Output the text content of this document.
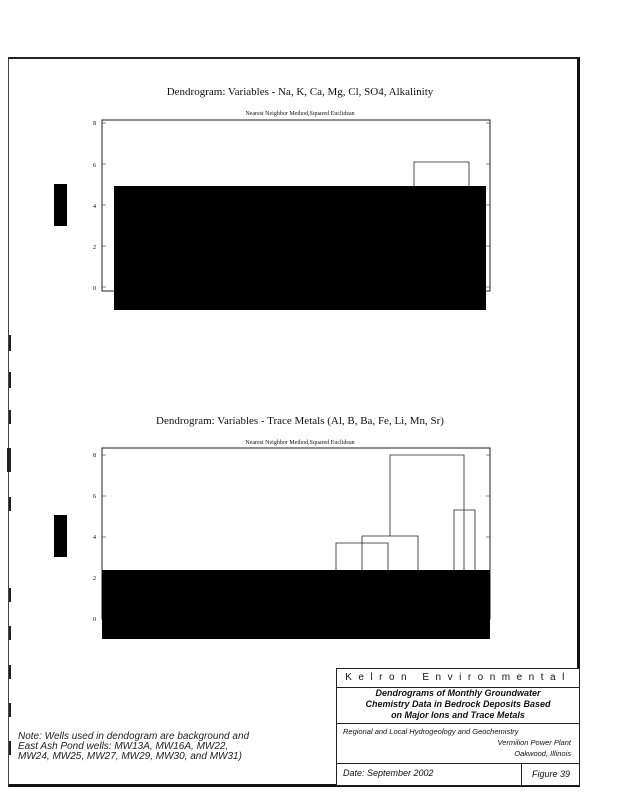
Dendrogram: Variables - Na, K, Ca, Mg, Cl, SO4, Alkalinity
Nearest Neighbor Method,Squared Euclidean
8
6
4
2
0
Dendrogram: Variables - Trace Metals (Al, B, Ba, Fe, Li, Mn, Sr)
Nearest Neighbor Method,Squared Euclidean
8
6
4
2
0
Kelron Environmental
Dendrograms of Monthly Groundwater
Chemistry Data in Bedrock Deposits Based
on Major Ions and Trace Metals
Regional and Local Hydrogeology and Geochemistry
Vermilion Power Plant
Oakwood, Illinois
Date: September 2002	Figure 39
Note: Wells used in dendogram are background and
East Ash Pond wells: MW13A, MW16A, MW22,
MW24, MW25, MW27, MW29, MW30, and MW31)
